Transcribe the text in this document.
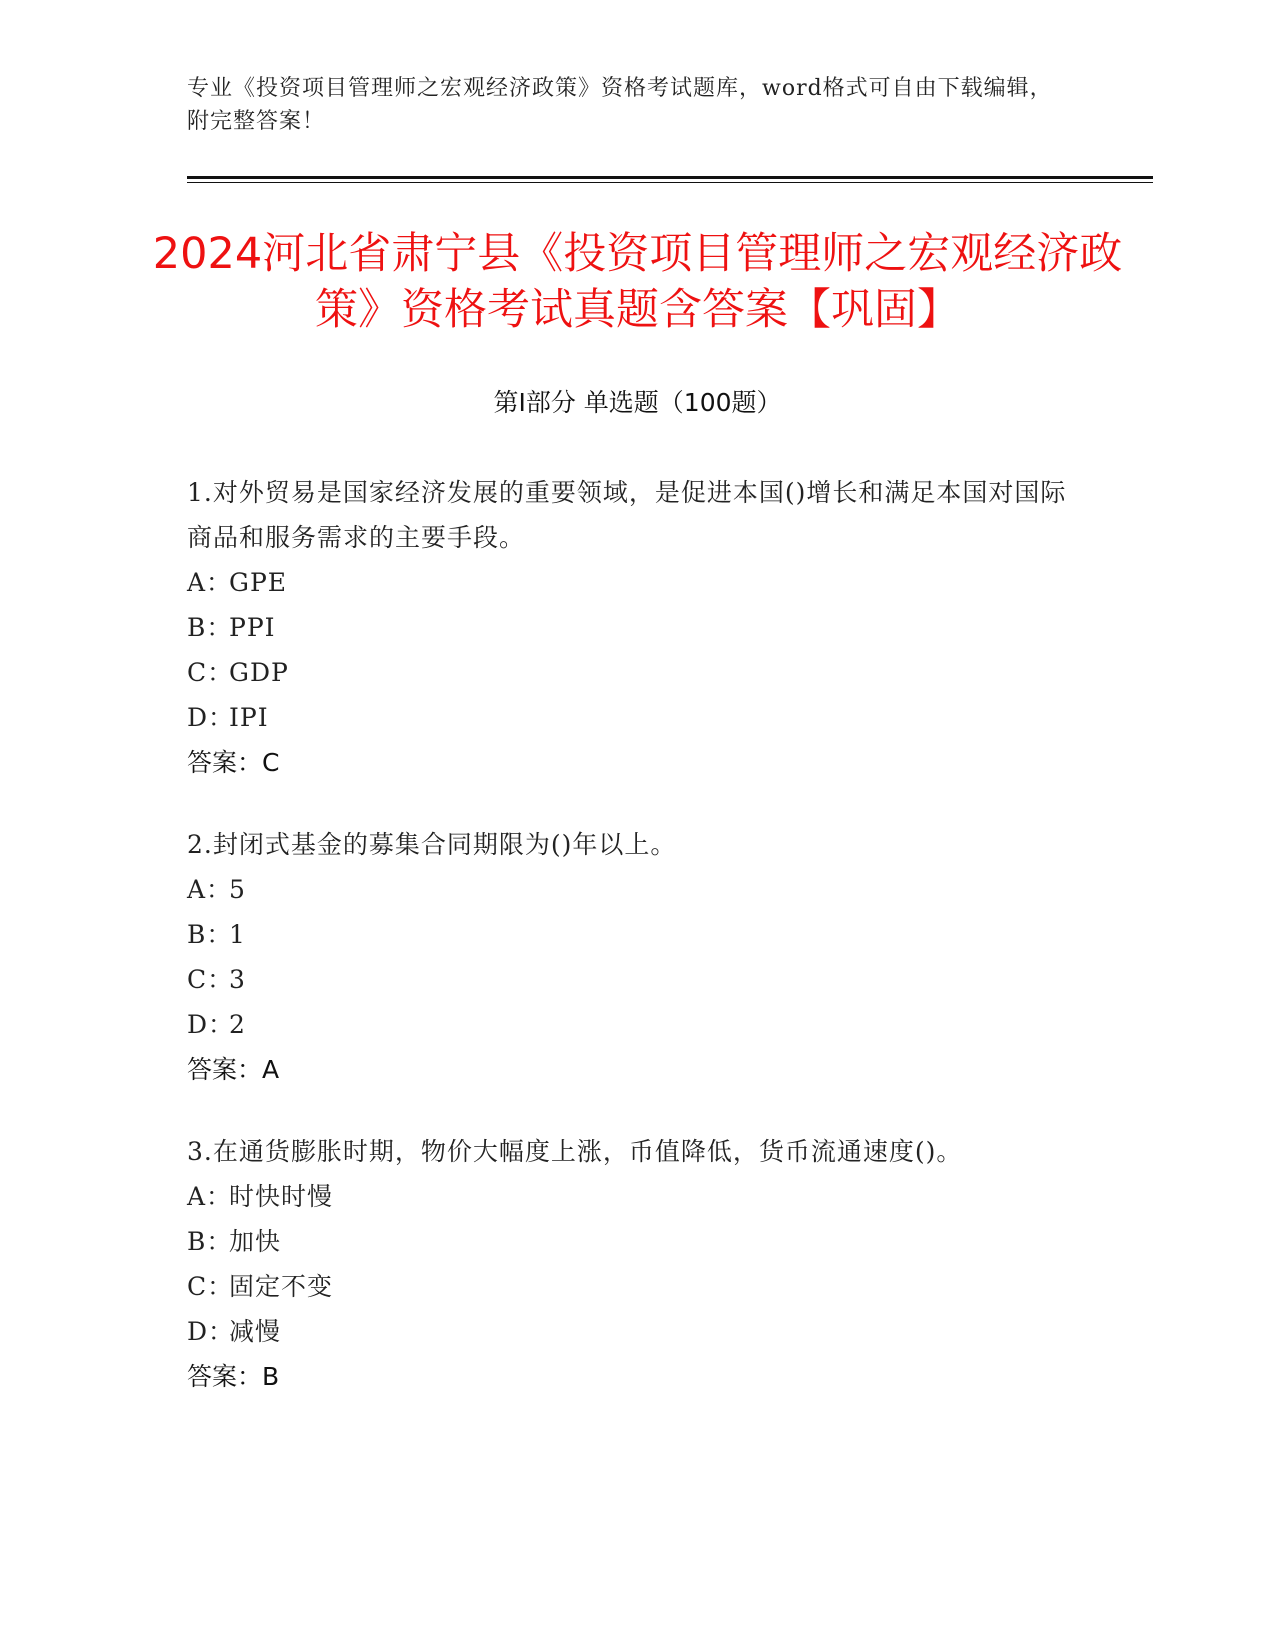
专业《投资项目管理师之宏观经济政策》资格考试题库，word格式可自由下载编辑，附完整答案！
2024河北省肃宁县《投资项目管理师之宏观经济政策》资格考试真题含答案【巩固】
第Ⅰ部分 单选题（100题）
1.对外贸易是国家经济发展的重要领域，是促进本国()增长和满足本国对国际商品和服务需求的主要手段。
A：GPE
B：PPI
C：GDP
D：IPI
答案：C
2.封闭式基金的募集合同期限为()年以上。
A：5
B：1
C：3
D：2
答案：A
3.在通货膨胀时期，物价大幅度上涨，币值降低，货币流通速度()。
A：时快时慢
B：加快
C：固定不变
D：减慢
答案：B
